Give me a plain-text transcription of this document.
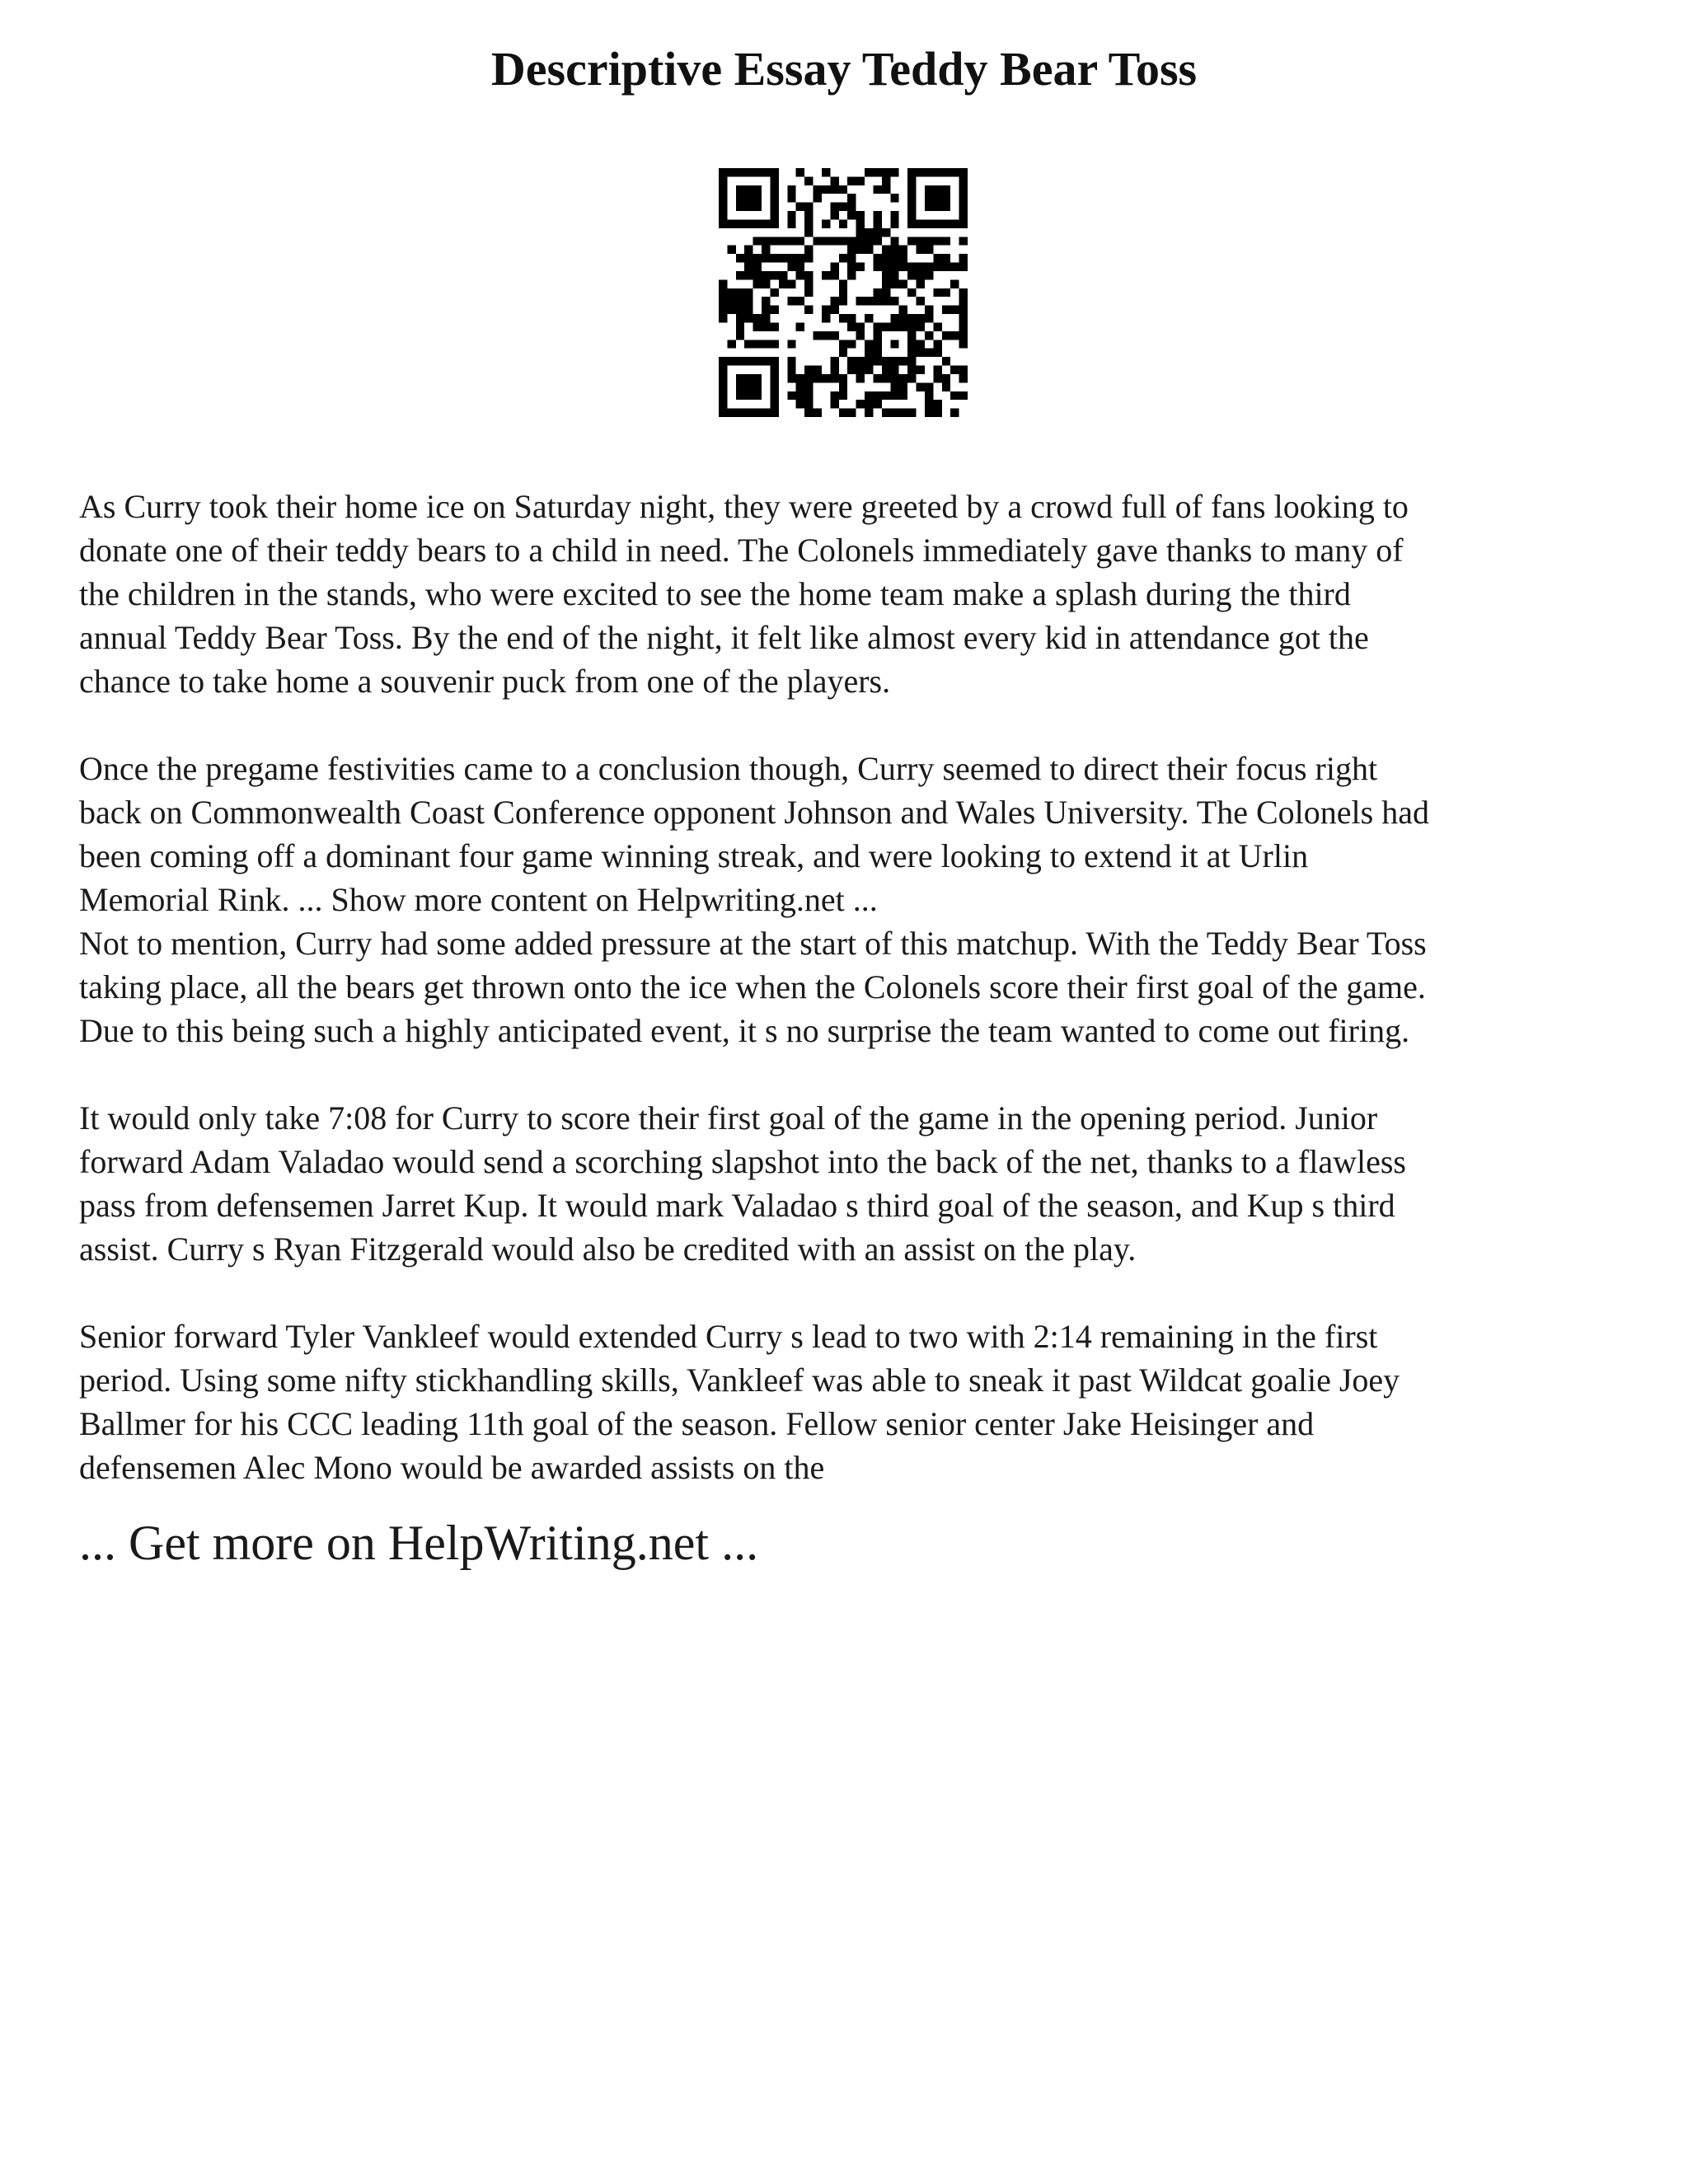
Descriptive Essay Teddy Bear Toss

As Curry took their home ice on Saturday night, they were greeted by a crowd full of fans looking to
donate one of their teddy bears to a child in need. The Colonels immediately gave thanks to many of
the children in the stands, who were excited to see the home team make a splash during the third
annual Teddy Bear Toss. By the end of the night, it felt like almost every kid in attendance got the
chance to take home a souvenir puck from one of the players.

Once the pregame festivities came to a conclusion though, Curry seemed to direct their focus right
back on Commonwealth Coast Conference opponent Johnson and Wales University. The Colonels had
been coming off a dominant four game winning streak, and were looking to extend it at Urlin
Memorial Rink. ... Show more content on Helpwriting.net ...

Not to mention, Curry had some added pressure at the start of this matchup. With the Teddy Bear Toss
taking place, all the bears get thrown onto the ice when the Colonels score their first goal of the game.
Due to this being such a highly anticipated event, it s no surprise the team wanted to come out firing.

It would only take 7:08 for Curry to score their first goal of the game in the opening period. Junior
forward Adam Valadao would send a scorching slapshot into the back of the net, thanks to a flawless
pass from defensemen Jarret Kup. It would mark Valadao s third goal of the season, and Kup s third
assist. Curry s Ryan Fitzgerald would also be credited with an assist on the play.

Senior forward Tyler Vankleef would extended Curry s lead to two with 2:14 remaining in the first
period. Using some nifty stickhandling skills, Vankleef was able to sneak it past Wildcat goalie Joey
Ballmer for his CCC leading 11th goal of the season. Fellow senior center Jake Heisinger and
defensemen Alec Mono would be awarded assists on the

... Get more on HelpWriting.net ...
